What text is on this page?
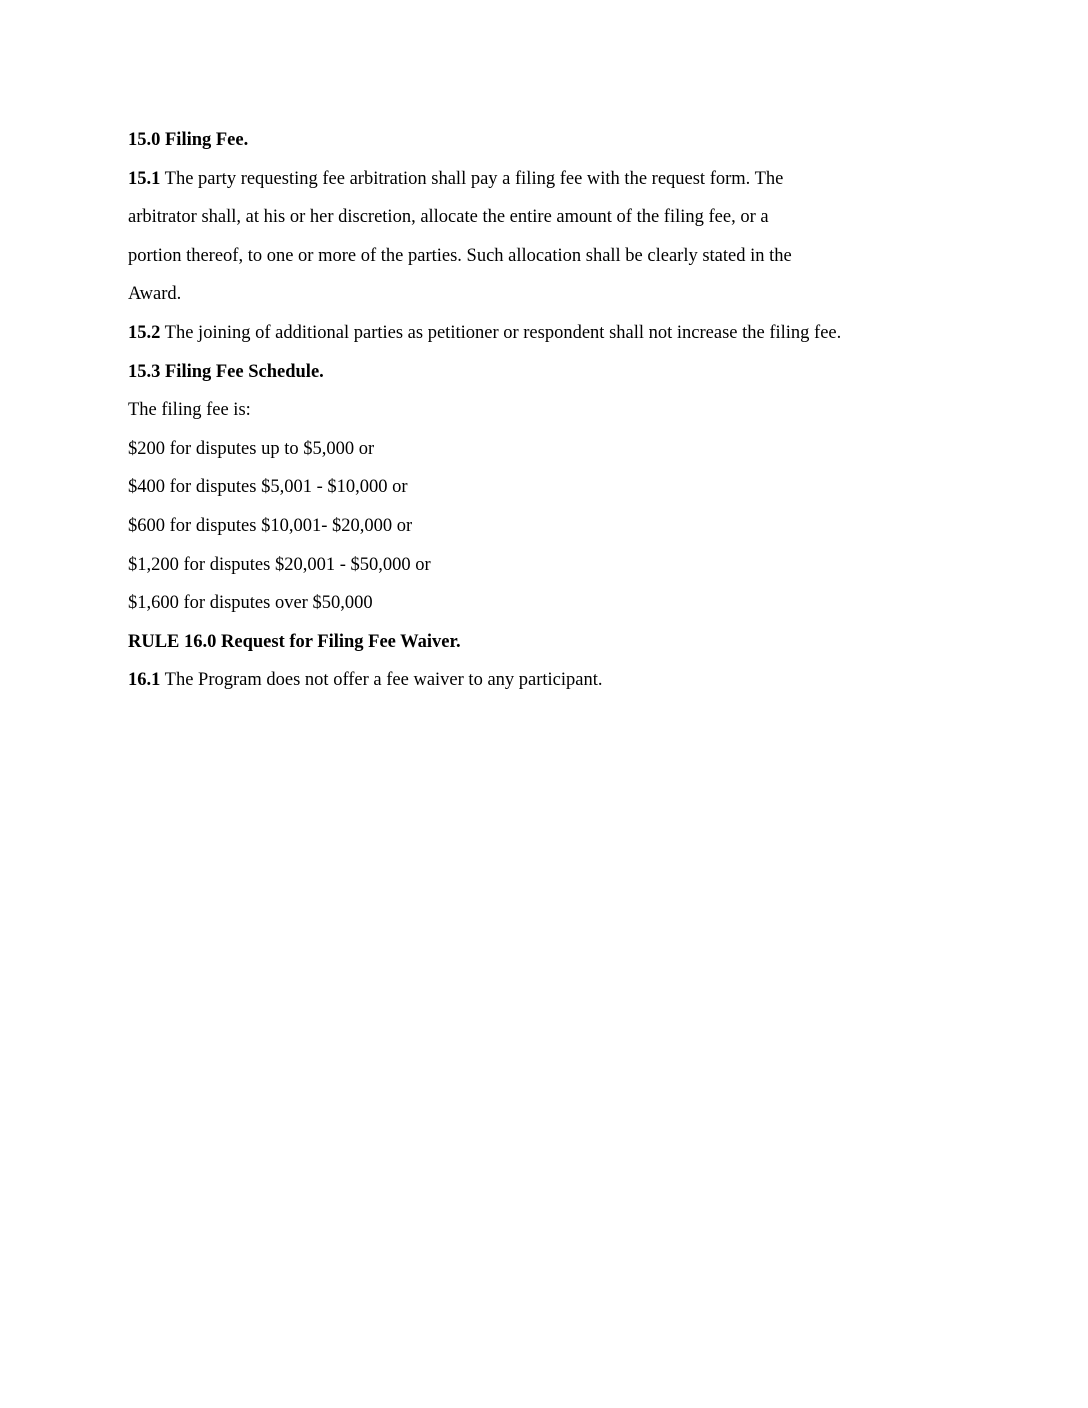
15.0 Filing Fee.
15.1 The party requesting fee arbitration shall pay a filing fee with the request form. The
arbitrator shall, at his or her discretion, allocate the entire amount of the filing fee, or a
portion thereof, to one or more of the parties. Such allocation shall be clearly stated in the
Award.
15.2 The joining of additional parties as petitioner or respondent shall not increase the filing fee.
15.3 Filing Fee Schedule.
The filing fee is:
$200 for disputes up to $5,000 or
$400 for disputes $5,001 - $10,000 or
$600 for disputes $10,001- $20,000 or
$1,200 for disputes $20,001 - $50,000 or
$1,600 for disputes over $50,000
RULE 16.0 Request for Filing Fee Waiver.
16.1 The Program does not offer a fee waiver to any participant.
